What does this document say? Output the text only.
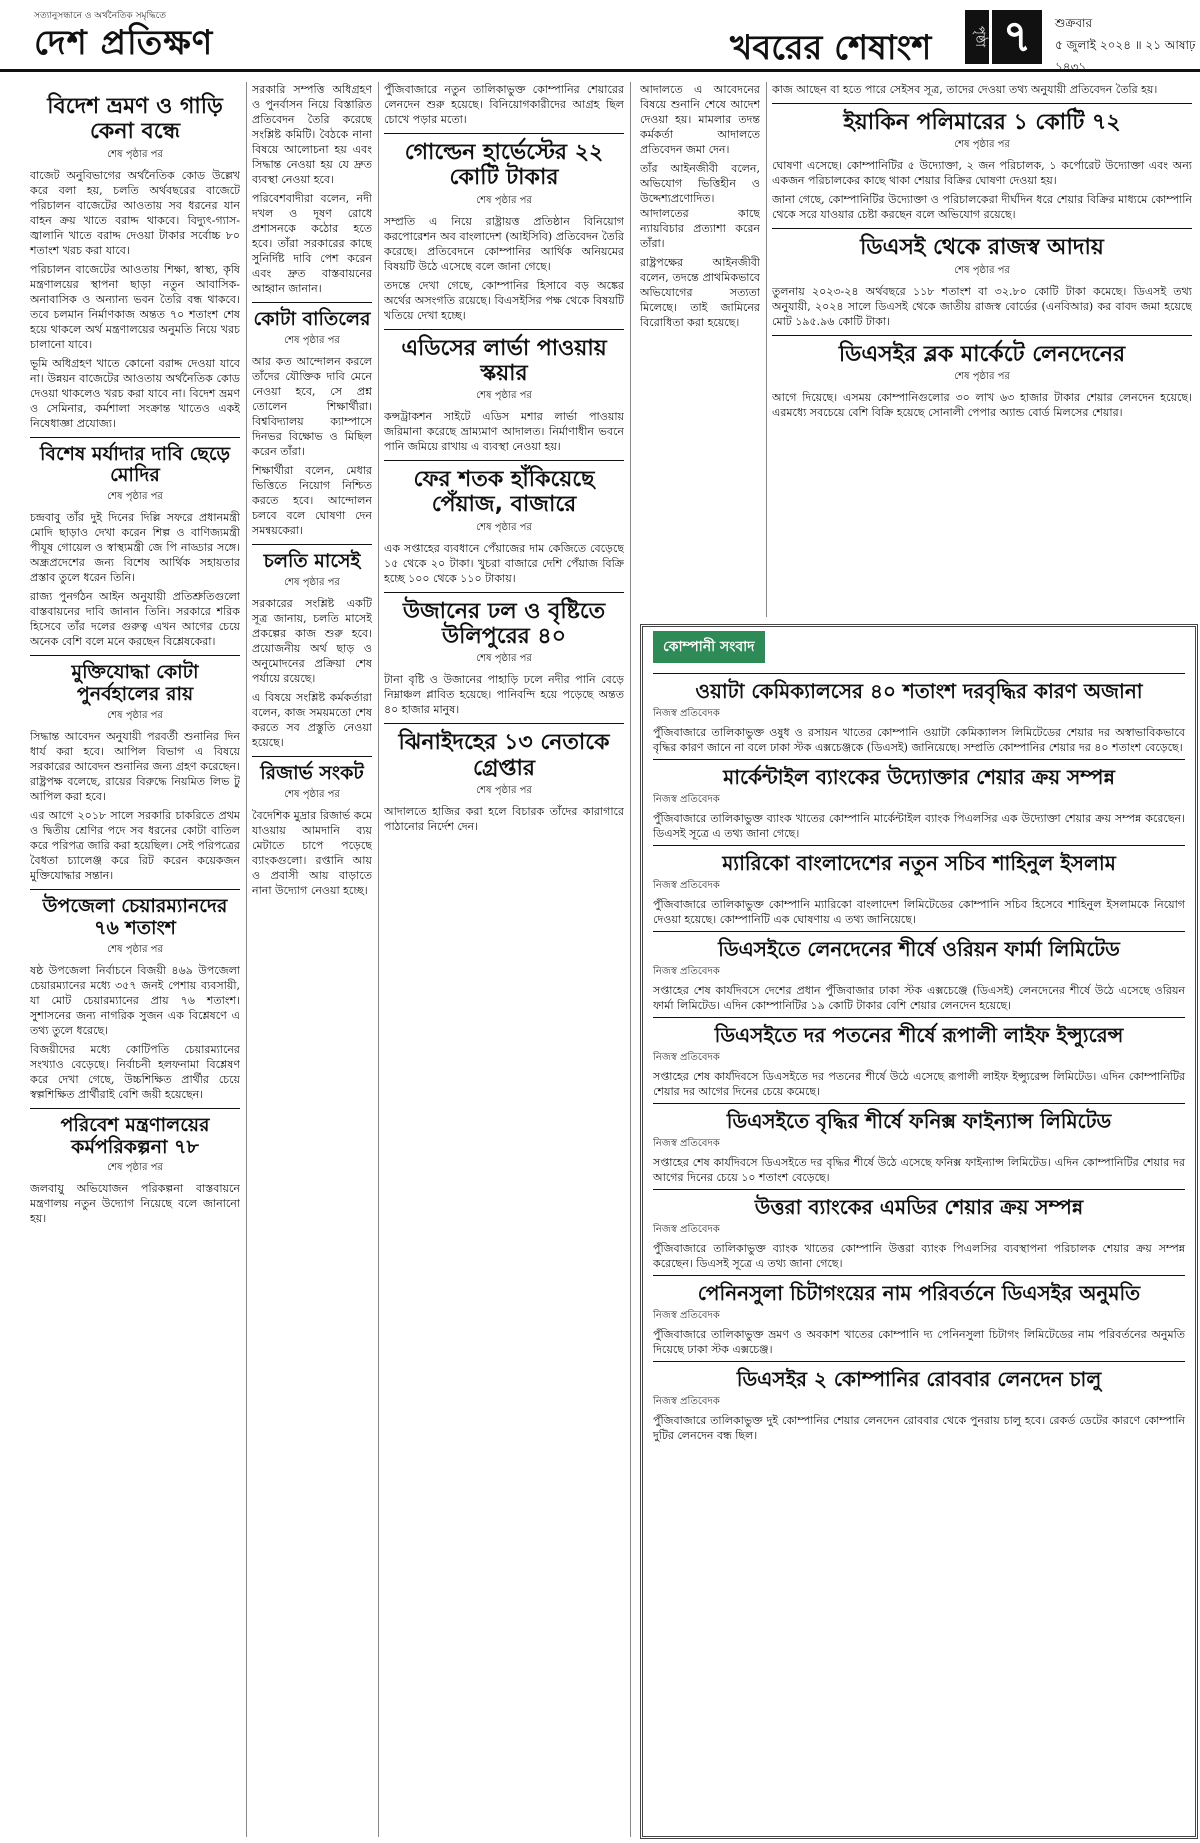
সত্যানুসন্ধানে ও অর্থনৈতিক সমৃদ্ধিতে
দেশ প্রতিক্ষণ	খবরের শেষাংশ	পৃষ্ঠা ৭	শুক্রবার
৫ জুলাই ২০২৪ ॥ ২১ আষাঢ় ১৪৩১
বিদেশ ভ্রমণ ও গাড়ি কেনা বন্ধে
শেষ পৃষ্ঠার পর

বাজেট অনুবিভাগের অর্থনৈতিক কোড উল্লেখ করে বলা হয়, চলতি অর্থবছরের বাজেটে পরিচালন বাজেটের আওতায় সব ধরনের যান বাহন ক্রয় খাতে বরাদ্দ থাকবে। বিদ্যুৎ-গ্যাস-জ্বালানি খাতে বরাদ্দ দেওয়া টাকার সর্বোচ্চ ৮০ শতাংশ খরচ করা যাবে।

পরিচালন বাজেটের আওতায় শিক্ষা, স্বাস্থ্য, কৃষি মন্ত্রণালয়ের স্থাপনা ছাড়া নতুন আবাসিক-অনাবাসিক ও অন্যান্য ভবন তৈরি বন্ধ থাকবে। তবে চলমান নির্মাণকাজ অন্তত ৭০ শতাংশ শেষ হয়ে থাকলে অর্থ মন্ত্রণালয়ের অনুমতি নিয়ে খরচ চালানো যাবে।

ভূমি অধিগ্রহণ খাতে কোনো বরাদ্দ দেওয়া যাবে না। উন্নয়ন বাজেটের আওতায় অর্থনৈতিক কোড দেওয়া থাকলেও খরচ করা যাবে না। বিদেশ ভ্রমণ ও সেমিনার, কর্মশালা সংক্রান্ত খাতেও একই নিষেধাজ্ঞা প্রযোজ্য।

বিশেষ মর্যাদার দাবি ছেড়ে মোদির
শেষ পৃষ্ঠার পর

চন্দ্রবাবু তাঁর দুই দিনের দিল্লি সফরে প্রধানমন্ত্রী মোদি ছাড়াও দেখা করেন শিল্প ও বাণিজ্যমন্ত্রী পীযূষ গোয়েল ও স্বাস্থ্যমন্ত্রী জে পি নাড্ডার সঙ্গে। অন্ধ্রপ্রদেশের জন্য বিশেষ আর্থিক সহায়তার প্রস্তাব তুলে ধরেন তিনি।

রাজ্য পুনর্গঠন আইন অনুযায়ী প্রতিশ্রুতিগুলো বাস্তবায়নের দাবি জানান তিনি। সরকারে শরিক হিসেবে তাঁর দলের গুরুত্ব এখন আগের চেয়ে অনেক বেশি বলে মনে করছেন বিশ্লেষকেরা।

মুক্তিযোদ্ধা কোটা পুনর্বহালের রায়
শেষ পৃষ্ঠার পর

সিদ্ধান্ত আবেদন অনুযায়ী পরবর্তী শুনানির দিন ধার্য করা হবে। আপিল বিভাগ এ বিষয়ে সরকারের আবেদন শুনানির জন্য গ্রহণ করেছেন। রাষ্ট্রপক্ষ বলেছে, রায়ের বিরুদ্ধে নিয়মিত লিভ টু আপিল করা হবে।

এর আগে ২০১৮ সালে সরকারি চাকরিতে প্রথম ও দ্বিতীয় শ্রেণির পদে সব ধরনের কোটা বাতিল করে পরিপত্র জারি করা হয়েছিল। সেই পরিপত্রের বৈধতা চ্যালেঞ্জ করে রিট করেন কয়েকজন মুক্তিযোদ্ধার সন্তান।

উপজেলা চেয়ারম্যানদের ৭৬ শতাংশ
শেষ পৃষ্ঠার পর

ষষ্ঠ উপজেলা নির্বাচনে বিজয়ী ৪৬৯ উপজেলা চেয়ারম্যানের মধ্যে ৩৫৭ জনই পেশায় ব্যবসায়ী, যা মোট চেয়ারম্যানের প্রায় ৭৬ শতাংশ। সুশাসনের জন্য নাগরিক সুজন এক বিশ্লেষণে এ তথ্য তুলে ধরেছে।

বিজয়ীদের মধ্যে কোটিপতি চেয়ারম্যানের সংখ্যাও বেড়েছে। নির্বাচনী হলফনামা বিশ্লেষণ করে দেখা গেছে, উচ্চশিক্ষিত প্রার্থীর চেয়ে স্বল্পশিক্ষিত প্রার্থীরাই বেশি জয়ী হয়েছেন।

পরিবেশ মন্ত্রণালয়ের কর্মপরিকল্পনা ৭৮
শেষ পৃষ্ঠার পর

জলবায়ু অভিযোজন পরিকল্পনা বাস্তবায়নে মন্ত্রণালয় নতুন উদ্যোগ নিয়েছে বলে জানানো হয়।

সরকারি সম্পত্তি অধিগ্রহণ ও পুনর্বাসন নিয়ে বিস্তারিত প্রতিবেদন তৈরি করেছে সংশ্লিষ্ট কমিটি। বৈঠকে নানা বিষয়ে আলোচনা হয় এবং সিদ্ধান্ত নেওয়া হয় যে দ্রুত ব্যবস্থা নেওয়া হবে।

পরিবেশবাদীরা বলেন, নদী দখল ও দূষণ রোধে প্রশাসনকে কঠোর হতে হবে। তাঁরা সরকারের কাছে সুনির্দিষ্ট দাবি পেশ করেন এবং দ্রুত বাস্তবায়নের আহ্বান জানান।

কোটা বাতিলের
শেষ পৃষ্ঠার পর

আর কত আন্দোলন করলে তাঁদের যৌক্তিক দাবি মেনে নেওয়া হবে, সে প্রশ্ন তোলেন শিক্ষার্থীরা। বিশ্ববিদ্যালয় ক্যাম্পাসে দিনভর বিক্ষোভ ও মিছিল করেন তাঁরা।

শিক্ষার্থীরা বলেন, মেধার ভিত্তিতে নিয়োগ নিশ্চিত করতে হবে। আন্দোলন চলবে বলে ঘোষণা দেন সমন্বয়কেরা।

চলতি মাসেই
শেষ পৃষ্ঠার পর

সরকারের সংশ্লিষ্ট একটি সূত্র জানায়, চলতি মাসেই প্রকল্পের কাজ শুরু হবে। প্রয়োজনীয় অর্থ ছাড় ও অনুমোদনের প্রক্রিয়া শেষ পর্যায়ে রয়েছে।

এ বিষয়ে সংশ্লিষ্ট কর্মকর্তারা বলেন, কাজ সময়মতো শেষ করতে সব প্রস্তুতি নেওয়া হয়েছে।

রিজার্ভ সংকট
শেষ পৃষ্ঠার পর

বৈদেশিক মুদ্রার রিজার্ভ কমে যাওয়ায় আমদানি ব্যয় মেটাতে চাপে পড়েছে ব্যাংকগুলো। রপ্তানি আয় ও প্রবাসী আয় বাড়াতে নানা উদ্যোগ নেওয়া হচ্ছে।

পুঁজিবাজারে নতুন তালিকাভুক্ত কোম্পানির শেয়ারের লেনদেন শুরু হয়েছে। বিনিয়োগকারীদের আগ্রহ ছিল চোখে পড়ার মতো।

গোল্ডেন হার্ভেস্টের ২২ কোটি টাকার
শেষ পৃষ্ঠার পর

সম্প্রতি এ নিয়ে রাষ্ট্রায়ত্ত প্রতিষ্ঠান বিনিয়োগ করপোরেশন অব বাংলাদেশ (আইসিবি) প্রতিবেদন তৈরি করেছে। প্রতিবেদনে কোম্পানির আর্থিক অনিয়মের বিষয়টি উঠে এসেছে বলে জানা গেছে।

তদন্তে দেখা গেছে, কোম্পানির হিসাবে বড় অঙ্কের অর্থের অসংগতি রয়েছে। বিএসইসির পক্ষ থেকে বিষয়টি খতিয়ে দেখা হচ্ছে।

এডিসের লার্ভা পাওয়ায় স্কয়ার
শেষ পৃষ্ঠার পর

কন্সট্রাকশন সাইটে এডিস মশার লার্ভা পাওয়ায় জরিমানা করেছে ভ্রাম্যমাণ আদালত। নির্মাণাধীন ভবনে পানি জমিয়ে রাখায় এ ব্যবস্থা নেওয়া হয়।

ফের শতক হাঁকিয়েছে পেঁয়াজ, বাজারে
শেষ পৃষ্ঠার পর

এক সপ্তাহের ব্যবধানে পেঁয়াজের দাম কেজিতে বেড়েছে ১৫ থেকে ২০ টাকা। খুচরা বাজারে দেশি পেঁয়াজ বিক্রি হচ্ছে ১০০ থেকে ১১০ টাকায়।

উজানের ঢল ও বৃষ্টিতে উলিপুরের ৪০
শেষ পৃষ্ঠার পর

টানা বৃষ্টি ও উজানের পাহাড়ি ঢলে নদীর পানি বেড়ে নিম্নাঞ্চল প্লাবিত হয়েছে। পানিবন্দি হয়ে পড়েছে অন্তত ৪০ হাজার মানুষ।

ঝিনাইদহের ১৩ নেতাকে গ্রেপ্তার
শেষ পৃষ্ঠার পর

আদালতে হাজির করা হলে বিচারক তাঁদের কারাগারে পাঠানোর নির্দেশ দেন।

আদালতে এ আবেদনের বিষয়ে শুনানি শেষে আদেশ দেওয়া হয়। মামলার তদন্ত কর্মকর্তা আদালতে প্রতিবেদন জমা দেন।

তাঁর আইনজীবী বলেন, অভিযোগ ভিত্তিহীন ও উদ্দেশ্যপ্রণোদিত। আদালতের কাছে ন্যায়বিচার প্রত্যাশা করেন তাঁরা।

রাষ্ট্রপক্ষের আইনজীবী বলেন, তদন্তে প্রাথমিকভাবে অভিযোগের সত্যতা মিলেছে। তাই জামিনের বিরোধিতা করা হয়েছে।

কাজ আছেন বা হতে পারে সেইসব সূত্র, তাদের দেওয়া তথ্য অনুযায়ী প্রতিবেদন তৈরি হয়।

ইয়াকিন পলিমারের ১ কোটি ৭২
শেষ পৃষ্ঠার পর

ঘোষণা এসেছে। কোম্পানিটির ৫ উদ্যোক্তা, ২ জন পরিচালক, ১ কর্পোরেট উদ্যোক্তা এবং অন্য একজন পরিচালকের কাছে থাকা শেয়ার বিক্রির ঘোষণা দেওয়া হয়।

জানা গেছে, কোম্পানিটির উদ্যোক্তা ও পরিচালকেরা দীর্ঘদিন ধরে শেয়ার বিক্রির মাধ্যমে কোম্পানি থেকে সরে যাওয়ার চেষ্টা করছেন বলে অভিযোগ রয়েছে।

ডিএসই থেকে রাজস্ব আদায়
শেষ পৃষ্ঠার পর

তুলনায় ২০২৩-২৪ অর্থবছরে ১১৮ শতাংশ বা ৩২.৮০ কোটি টাকা কমেছে। ডিএসই তথ্য অনুযায়ী, ২০২৪ সালে ডিএসই থেকে জাতীয় রাজস্ব বোর্ডের (এনবিআর) কর বাবদ জমা হয়েছে মোট ১৯৫.৯৬ কোটি টাকা।

ডিএসইর ব্লক মার্কেটে লেনদেনের
শেষ পৃষ্ঠার পর

আগে দিয়েছে। এসময় কোম্পানিগুলোর ৩০ লাখ ৬৩ হাজার টাকার শেয়ার লেনদেন হয়েছে। এরমধ্যে সবচেয়ে বেশি বিক্রি হয়েছে সোনালী পেপার অ্যান্ড বোর্ড মিলসের শেয়ার।

কোম্পানী সংবাদ
ওয়াটা কেমিক্যালসের ৪০ শতাংশ দরবৃদ্ধির কারণ অজানা
নিজস্ব প্রতিবেদক

পুঁজিবাজারে তালিকাভুক্ত ওষুধ ও রসায়ন খাতের কোম্পানি ওয়াটা কেমিক্যালস লিমিটেডের শেয়ার দর অস্বাভাবিকভাবে বৃদ্ধির কারণ জানে না বলে ঢাকা স্টক এক্সচেঞ্জকে (ডিএসই) জানিয়েছে। সম্প্রতি কোম্পানির শেয়ার দর ৪০ শতাংশ বেড়েছে।

মার্কেন্টাইল ব্যাংকের উদ্যোক্তার শেয়ার ক্রয় সম্পন্ন
নিজস্ব প্রতিবেদক

পুঁজিবাজারে তালিকাভুক্ত ব্যাংক খাতের কোম্পানি মার্কেন্টাইল ব্যাংক পিএলসির এক উদ্যোক্তা শেয়ার ক্রয় সম্পন্ন করেছেন। ডিএসই সূত্রে এ তথ্য জানা গেছে।

ম্যারিকো বাংলাদেশের নতুন সচিব শাহিনুল ইসলাম
নিজস্ব প্রতিবেদক

পুঁজিবাজারে তালিকাভুক্ত কোম্পানি ম্যারিকো বাংলাদেশ লিমিটেডের কোম্পানি সচিব হিসেবে শাহিনুল ইসলামকে নিয়োগ দেওয়া হয়েছে। কোম্পানিটি এক ঘোষণায় এ তথ্য জানিয়েছে।

ডিএসইতে লেনদেনের শীর্ষে ওরিয়ন ফার্মা লিমিটেড
নিজস্ব প্রতিবেদক

সপ্তাহের শেষ কার্যদিবসে দেশের প্রধান পুঁজিবাজার ঢাকা স্টক এক্সচেঞ্জে (ডিএসই) লেনদেনের শীর্ষে উঠে এসেছে ওরিয়ন ফার্মা লিমিটেড। এদিন কোম্পানিটির ১৯ কোটি টাকার বেশি শেয়ার লেনদেন হয়েছে।

ডিএসইতে দর পতনের শীর্ষে রূপালী লাইফ ইন্স্যুরেন্স
নিজস্ব প্রতিবেদক

সপ্তাহের শেষ কার্যদিবসে ডিএসইতে দর পতনের শীর্ষে উঠে এসেছে রূপালী লাইফ ইন্স্যুরেন্স লিমিটেড। এদিন কোম্পানিটির শেয়ার দর আগের দিনের চেয়ে কমেছে।

ডিএসইতে বৃদ্ধির শীর্ষে ফনিক্স ফাইন্যান্স লিমিটেড
নিজস্ব প্রতিবেদক

সপ্তাহের শেষ কার্যদিবসে ডিএসইতে দর বৃদ্ধির শীর্ষে উঠে এসেছে ফনিক্স ফাইন্যান্স লিমিটেড। এদিন কোম্পানিটির শেয়ার দর আগের দিনের চেয়ে ১০ শতাংশ বেড়েছে।

উত্তরা ব্যাংকের এমডির শেয়ার ক্রয় সম্পন্ন
নিজস্ব প্রতিবেদক

পুঁজিবাজারে তালিকাভুক্ত ব্যাংক খাতের কোম্পানি উত্তরা ব্যাংক পিএলসির ব্যবস্থাপনা পরিচালক শেয়ার ক্রয় সম্পন্ন করেছেন। ডিএসই সূত্রে এ তথ্য জানা গেছে।

পেনিনসুলা চিটাগংয়ের নাম পরিবর্তনে ডিএসইর অনুমতি
নিজস্ব প্রতিবেদক

পুঁজিবাজারে তালিকাভুক্ত ভ্রমণ ও অবকাশ খাতের কোম্পানি দ্য পেনিনসুলা চিটাগং লিমিটেডের নাম পরিবর্তনের অনুমতি দিয়েছে ঢাকা স্টক এক্সচেঞ্জ।

ডিএসইর ২ কোম্পানির রোববার লেনদেন চালু
নিজস্ব প্রতিবেদক

পুঁজিবাজারে তালিকাভুক্ত দুই কোম্পানির শেয়ার লেনদেন রোববার থেকে পুনরায় চালু হবে। রেকর্ড ডেটের কারণে কোম্পানি দুটির লেনদেন বন্ধ ছিল।
